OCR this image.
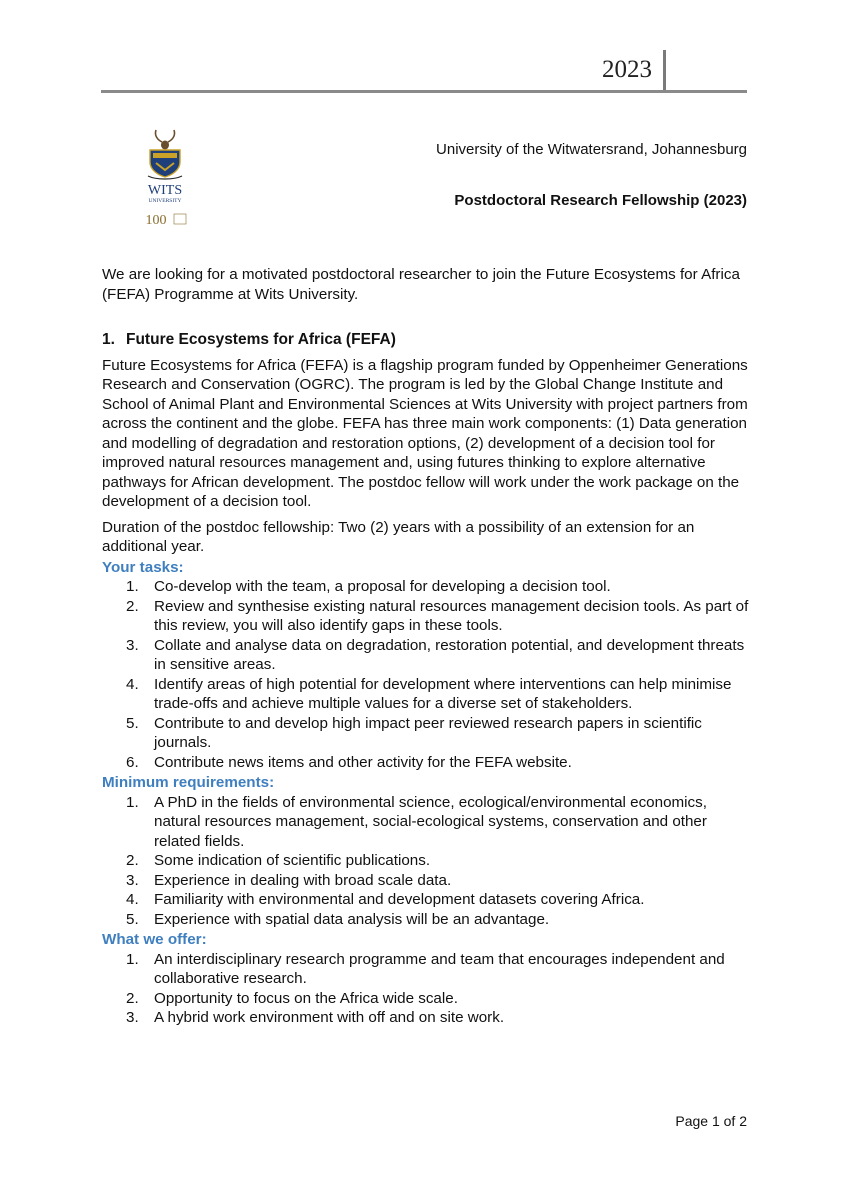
2023
WITS
UNIVERSITY
100
University of the Witwatersrand, Johannesburg
Postdoctoral Research Fellowship (2023)

We are looking for a motivated postdoctoral researcher to join the Future Ecosystems for Africa (FEFA) Programme at Wits University.

1. Future Ecosystems for Africa (FEFA)

Future Ecosystems for Africa (FEFA) is a flagship program funded by Oppenheimer Generations Research and Conservation (OGRC). The program is led by the Global Change Institute and School of Animal Plant and Environmental Sciences at Wits University with project partners from across the continent and the globe. FEFA has three main work components: (1) Data generation and modelling of degradation and restoration options, (2) development of a decision tool for improved natural resources management and, using futures thinking to explore alternative pathways for African development. The postdoc fellow will work under the work package on the development of a decision tool.

Duration of the postdoc fellowship: Two (2) years with a possibility of an extension for an additional year.

Your tasks:
1. Co-develop with the team, a proposal for developing a decision tool.
2. Review and synthesise existing natural resources management decision tools. As part of this review, you will also identify gaps in these tools.
3. Collate and analyse data on degradation, restoration potential, and development threats in sensitive areas.
4. Identify areas of high potential for development where interventions can help minimise trade-offs and achieve multiple values for a diverse set of stakeholders.
5. Contribute to and develop high impact peer reviewed research papers in scientific journals.
6. Contribute news items and other activity for the FEFA website.
Minimum requirements:
1. A PhD in the fields of environmental science, ecological/environmental economics, natural resources management, social-ecological systems, conservation and other related fields.
2. Some indication of scientific publications.
3. Experience in dealing with broad scale data.
4. Familiarity with environmental and development datasets covering Africa.
5. Experience with spatial data analysis will be an advantage.
What we offer:
1. An interdisciplinary research programme and team that encourages independent and collaborative research.
2. Opportunity to focus on the Africa wide scale.
3. A hybrid work environment with off and on site work.
Page 1 of 2
